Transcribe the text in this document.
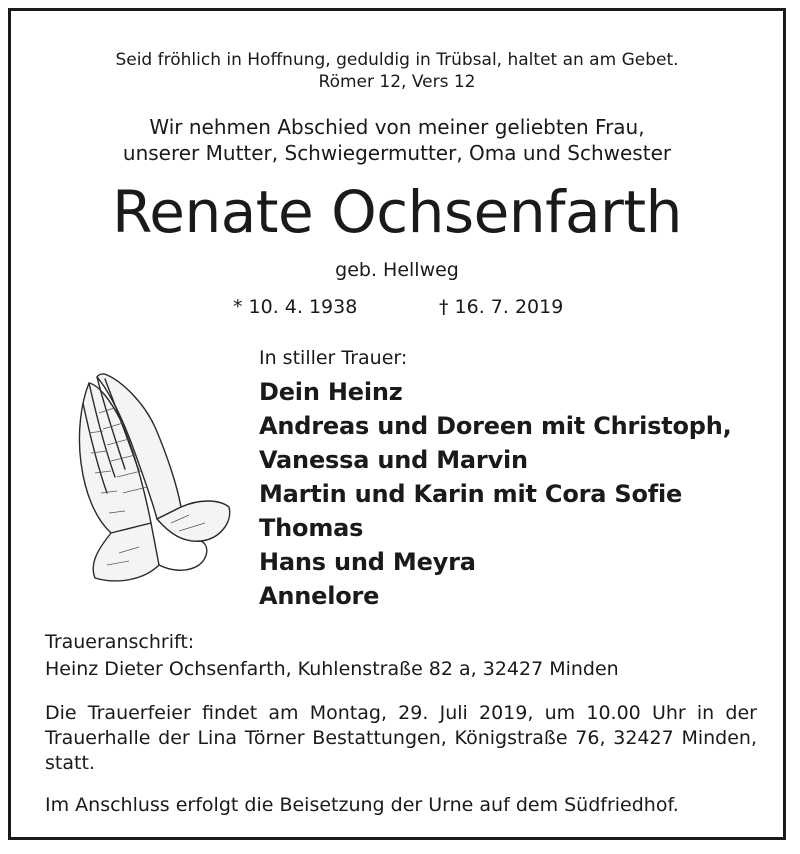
Seid fröhlich in Hoffnung, geduldig in Trübsal, haltet an am Gebet.
Römer 12, Vers 12
Wir nehmen Abschied von meiner geliebten Frau,
unserer Mutter, Schwiegermutter, Oma und Schwester
Renate Ochsenfarth
geb. Hellweg
* 10. 4. 1938	† 16. 7. 2019
In stiller Trauer:
Dein Heinz
Andreas und Doreen mit Christoph,
Vanessa und Marvin
Martin und Karin mit Cora Sofie
Thomas
Hans und Meyra
Annelore
Traueranschrift:
Heinz Dieter Ochsenfarth, Kuhlenstraße 82 a, 32427 Minden
Die Trauerfeier findet am Montag, 29. Juli 2019, um 10.00 Uhr in der Trauerhalle der Lina Törner Bestattungen, Königstraße 76, 32427 Minden, statt.
Im Anschluss erfolgt die Beisetzung der Urne auf dem Südfriedhof.
